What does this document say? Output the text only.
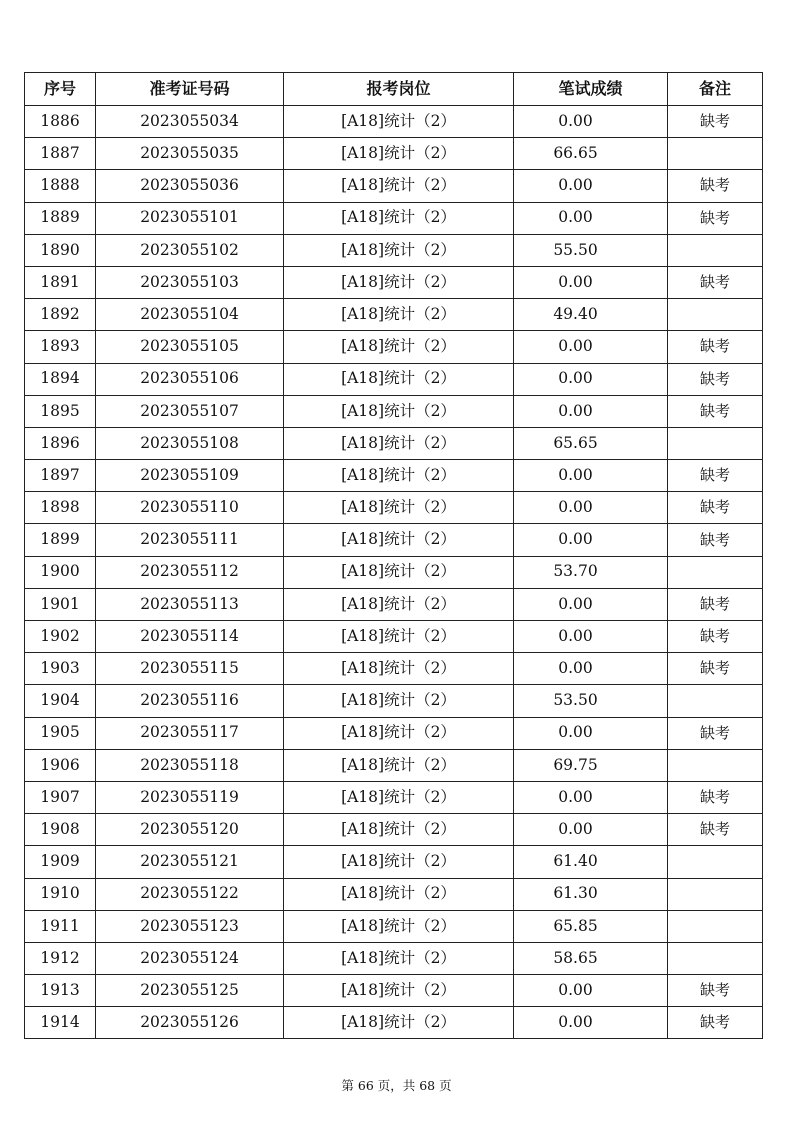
序号	准考证号码	报考岗位	笔试成绩	备注
1886	2023055034	[A18]统计（2）	0.00	缺考
1887	2023055035	[A18]统计（2）	66.65	
1888	2023055036	[A18]统计（2）	0.00	缺考
1889	2023055101	[A18]统计（2）	0.00	缺考
1890	2023055102	[A18]统计（2）	55.50	
1891	2023055103	[A18]统计（2）	0.00	缺考
1892	2023055104	[A18]统计（2）	49.40	
1893	2023055105	[A18]统计（2）	0.00	缺考
1894	2023055106	[A18]统计（2）	0.00	缺考
1895	2023055107	[A18]统计（2）	0.00	缺考
1896	2023055108	[A18]统计（2）	65.65	
1897	2023055109	[A18]统计（2）	0.00	缺考
1898	2023055110	[A18]统计（2）	0.00	缺考
1899	2023055111	[A18]统计（2）	0.00	缺考
1900	2023055112	[A18]统计（2）	53.70	
1901	2023055113	[A18]统计（2）	0.00	缺考
1902	2023055114	[A18]统计（2）	0.00	缺考
1903	2023055115	[A18]统计（2）	0.00	缺考
1904	2023055116	[A18]统计（2）	53.50	
1905	2023055117	[A18]统计（2）	0.00	缺考
1906	2023055118	[A18]统计（2）	69.75	
1907	2023055119	[A18]统计（2）	0.00	缺考
1908	2023055120	[A18]统计（2）	0.00	缺考
1909	2023055121	[A18]统计（2）	61.40	
1910	2023055122	[A18]统计（2）	61.30	
1911	2023055123	[A18]统计（2）	65.85	
1912	2023055124	[A18]统计（2）	58.65	
1913	2023055125	[A18]统计（2）	0.00	缺考
1914	2023055126	[A18]统计（2）	0.00	缺考
第 66 页，共 68 页
